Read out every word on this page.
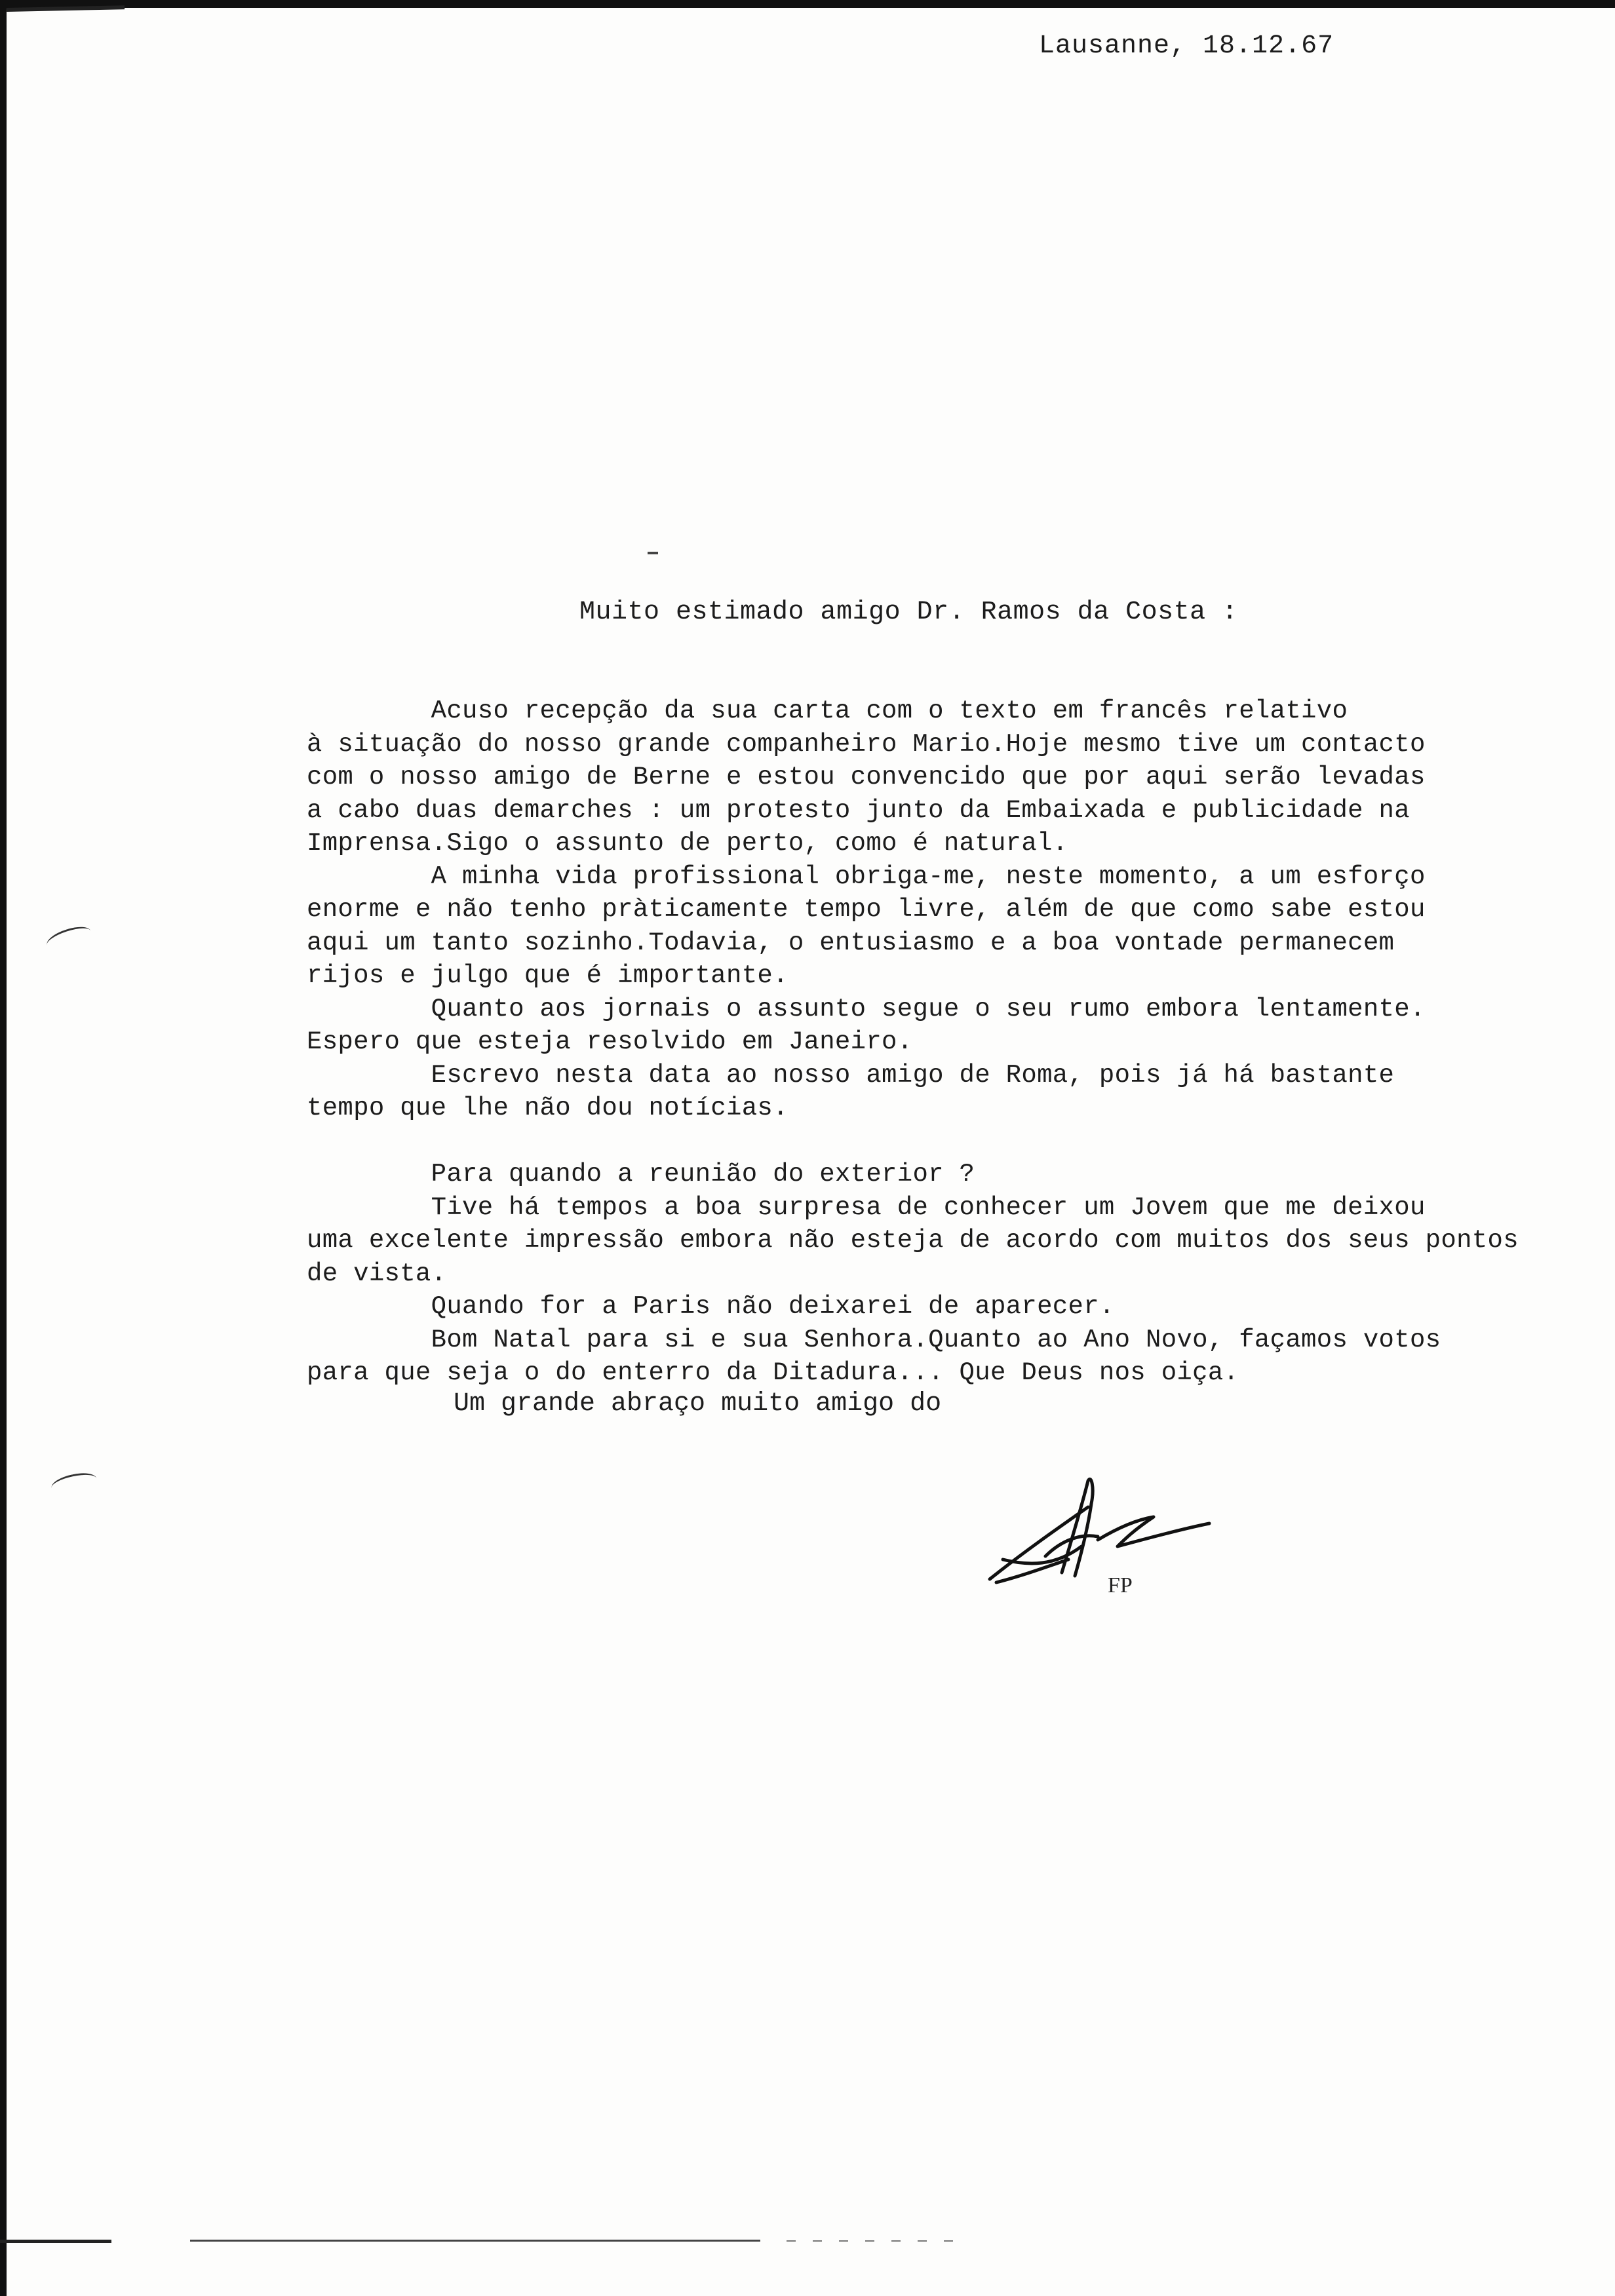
Lausanne, 18.12.67
Muito estimado amigo Dr. Ramos da Costa :
Acuso recepção da sua carta com o texto em francês relativo
à situação do nosso grande companheiro Mario.Hoje mesmo tive um contacto
com o nosso amigo de Berne e estou convencido que por aqui serão levadas
a cabo duas demarches : um protesto junto da Embaixada e publicidade na
Imprensa.Sigo o assunto de perto, como é natural.
A minha vida profissional obriga-me, neste momento, a um esforço
enorme e não tenho pràticamente tempo livre, além de que como sabe estou
aqui um tanto sozinho.Todavia, o entusiasmo e a boa vontade permanecem
rijos e julgo que é importante.
Quanto aos jornais o assunto segue o seu rumo embora lentamente.
Espero que esteja resolvido em Janeiro.
Escrevo nesta data ao nosso amigo de Roma, pois já há bastante
tempo que lhe não dou notícias.
Para quando a reunião do exterior ?
Tive há tempos a boa surpresa de conhecer um Jovem que me deixou
uma excelente impressão embora não esteja de acordo com muitos dos seus pontos
de vista.
Quando for a Paris não deixarei de aparecer.
Bom Natal para si e sua Senhora.Quanto ao Ano Novo, façamos votos
para que seja o do enterro da Ditadura... Que Deus nos oiça.
Um grande abraço muito amigo do
FP
